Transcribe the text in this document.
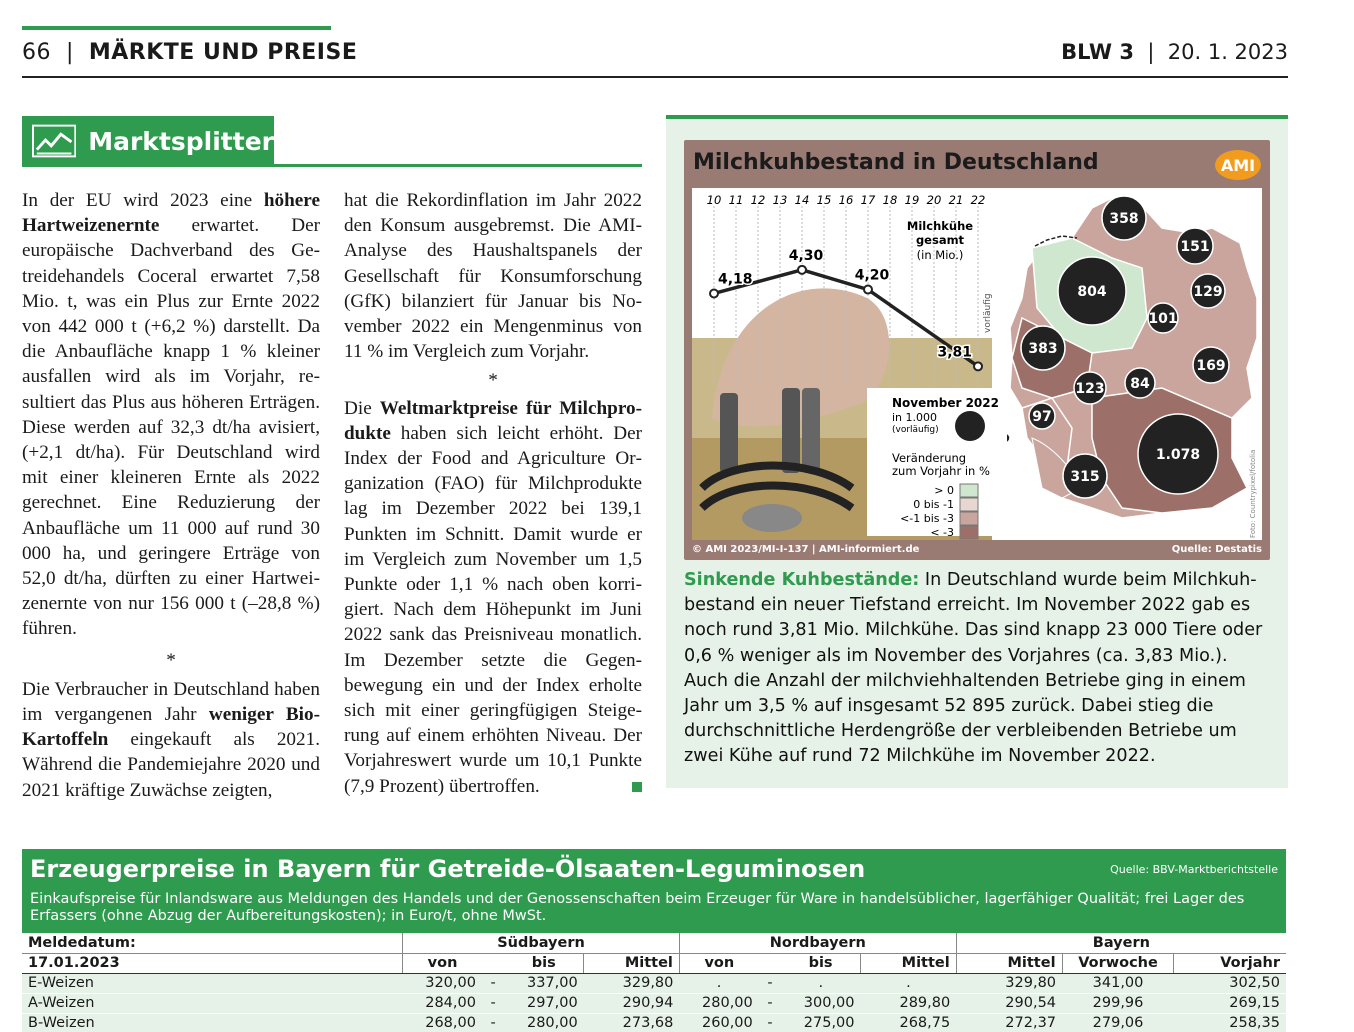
66  |  MÄRKTE UND PREISE	BLW 3  |  20. 1. 2023
Marktsplitter

In der EU wird 2023 eine höhere Hartweizenernte erwartet. Der europäische Dachverband des Getreidehandels Coceral erwartet 7,58 Mio. t, was ein Plus zur Ernte 2022 von 442 000 t (+6,2 %) darstellt. Da die Anbaufläche knapp 1 % kleiner ausfallen wird als im Vorjahr, resultiert das Plus aus höheren Erträgen. Diese werden auf 32,3 dt/ha avisiert, (+2,1 dt/ha). Für Deutschland wird mit einer kleineren Ernte als 2022 gerechnet. Eine Reduzierung der Anbaufläche um 11 000 auf rund 30 000 ha, und geringere Erträge von 52,0 dt/ha, dürften zu einer Hartweizenernte von nur 156 000 t (–28,8 %) führen.

*

Die Verbraucher in Deutschland haben im vergangenen Jahr weniger Bio-Kartoffeln eingekauft als 2021. Während die Pandemiejahre 2020 und 2021 kräftige Zuwächse zeigten,

hat die Rekordinflation im Jahr 2022 den Konsum ausgebremst. Die AMI-Analyse des Haushaltspanels der Gesellschaft für Konsumforschung (GfK) bilanziert für Januar bis November 2022 ein Mengenminus von 11 % im Vergleich zum Vorjahr.

*

Die Weltmarktpreise für Milchprodukte haben sich leicht erhöht. Der Index der Food and Agriculture Organization (FAO) für Milchprodukte lag im Dezember 2022 bei 139,1 Punkten im Schnitt. Damit wurde er im Vergleich zum November um 1,5 Punkte oder 1,1 % nach oben korrigiert. Nach dem Höhepunkt im Juni 2022 sank das Preisniveau monatlich. Im Dezember setzte die Gegenbewegung ein und der Index erholte sich mit einer geringfügigen Steigerung auf einem erhöhten Niveau. Der Vorjahreswert wurde um 10,1 Punkte (7,9 Prozent) übertroffen.

Milchkuhbestand in Deutschland	AMI
10 11 12 13 14 15 16 17 18 19 20 21 22
4,18
4,30
4,20
3,81
Milchkühe
gesamt
(in Mio.)
vorläufig
358
151
804	129
101
383
169
123 84
97
315
1.078
November 2022
in 1.000
(vorläufig)
Veränderung
zum Vorjahr in %
> 0
0 bis -1
<-1 bis -3
< -3	Foto: Countrypixel/fotolia
© AMI 2023/MI-I-137 | AMI-informiert.de	Quelle: Destatis
Sinkende Kuhbestände: In Deutschland wurde beim Milchkuhbestand ein neuer Tiefstand erreicht. Im November 2022 gab es noch rund 3,81 Mio. Milchkühe. Das sind knapp 23 000 Tiere oder 0,6 % weniger als im November des Vorjahres (ca. 3,83 Mio.). Auch die Anzahl der milchviehhaltenden Betriebe ging in einem Jahr um 3,5 % auf insgesamt 52 895 zurück. Dabei stieg die durchschnittliche Herdengröße der verbleibenden Betriebe um zwei Kühe auf rund 72 Milchkühe im November 2022.
Erzeugerpreise in Bayern für Getreide-Ölsaaten-Leguminosen	Quelle: BBV-Marktberichtstelle
Einkaufspreise für Inlandsware aus Meldungen des Handels und der Genossenschaften beim Erzeuger für Ware in handelsüblicher, lagerfähiger Qualität; frei Lager des Erfassers (ohne Abzug der Aufbereitungskosten); in Euro/t, ohne MwSt.
Meldedatum:	Südbayern				Nordbayern				Bayern		
17.01.2023	von		bis	Mittel	von		bis	Mittel	Mittel	Vorwoche	Vorjahr
E-Weizen	320,00	-	337,00	329,80	.	-	.	.	329,80	341,00	302,50
A-Weizen	284,00	-	297,00	290,94	280,00	-	300,00	289,80	290,54	299,96	269,15
B-Weizen	268,00	-	280,00	273,68	260,00	-	275,00	268,75	272,37	279,06	258,35
